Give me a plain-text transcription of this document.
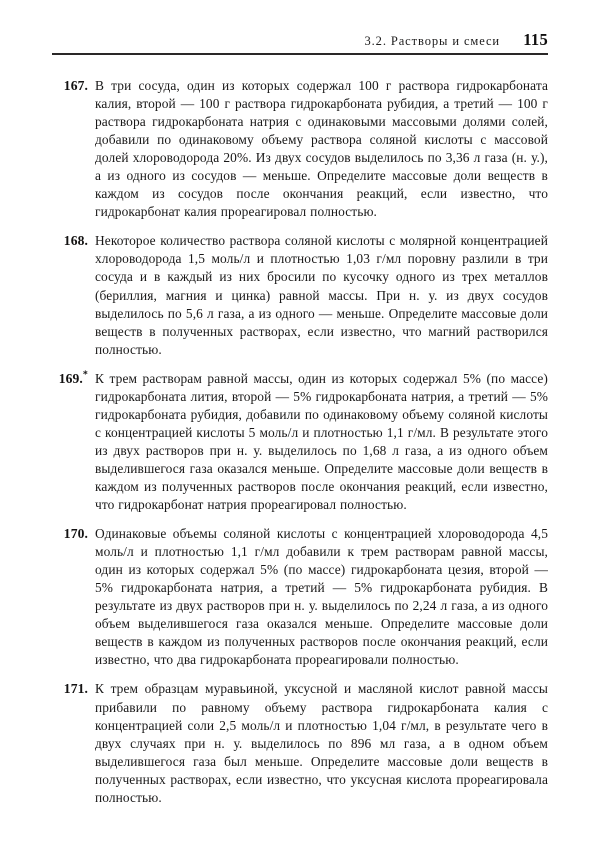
3.2. Растворы и смеси	115
167. В три сосуда, один из которых содержал 100 г раствора гидрокарбоната калия, второй — 100 г раствора гидрокарбоната рубидия, а третий — 100 г раствора гидрокарбоната натрия с одинаковыми массовыми долями солей, добавили по одинаковому объему раствора соляной кислоты с массовой долей хлороводорода 20%. Из двух сосудов выделилось по 3,36 л газа (н. у.), а из одного из сосудов — меньше. Определите массовые доли веществ в каждом из сосудов после окончания реакций, если известно, что гидрокарбонат калия прореагировал полностью.
168. Некоторое количество раствора соляной кислоты с молярной концентрацией хлороводорода 1,5 моль/л и плотностью 1,03 г/мл поровну разлили в три сосуда и в каждый из них бросили по кусочку одного из трех металлов (бериллия, магния и цинка) равной массы. При н. у. из двух сосудов выделилось по 5,6 л газа, а из одного — меньше. Определите массовые доли веществ в полученных растворах, если известно, что магний растворился полностью.
169.* К трем растворам равной массы, один из которых содержал 5% (по массе) гидрокарбоната лития, второй — 5% гидрокарбоната натрия, а третий — 5% гидрокарбоната рубидия, добавили по одинаковому объему соляной кислоты с концентрацией кислоты 5 моль/л и плотностью 1,1 г/мл. В результате этого из двух растворов при н. у. выделилось по 1,68 л газа, а из одного объем выделившегося газа оказался меньше. Определите массовые доли веществ в каждом из полученных растворов после окончания реакций, если известно, что гидрокарбонат натрия прореагировал полностью.
170. Одинаковые объемы соляной кислоты с концентрацией хлороводорода 4,5 моль/л и плотностью 1,1 г/мл добавили к трем растворам равной массы, один из которых содержал 5% (по массе) гидрокарбоната цезия, второй — 5% гидрокарбоната натрия, а третий — 5% гидрокарбоната рубидия. В результате из двух растворов при н. у. выделилось по 2,24 л газа, а из одного объем выделившегося газа оказался меньше. Определите массовые доли веществ в каждом из полученных растворов после окончания реакций, если известно, что два гидрокарбоната прореагировали полностью.
171. К трем образцам муравьиной, уксусной и масляной кислот равной массы прибавили по равному объему раствора гидрокарбоната калия с концентрацией соли 2,5 моль/л и плотностью 1,04 г/мл, в результате чего в двух случаях при н. у. выделилось по 896 мл газа, а в одном объем выделившегося газа был меньше. Определите массовые доли веществ в полученных растворах, если известно, что уксусная кислота прореагировала полностью.
